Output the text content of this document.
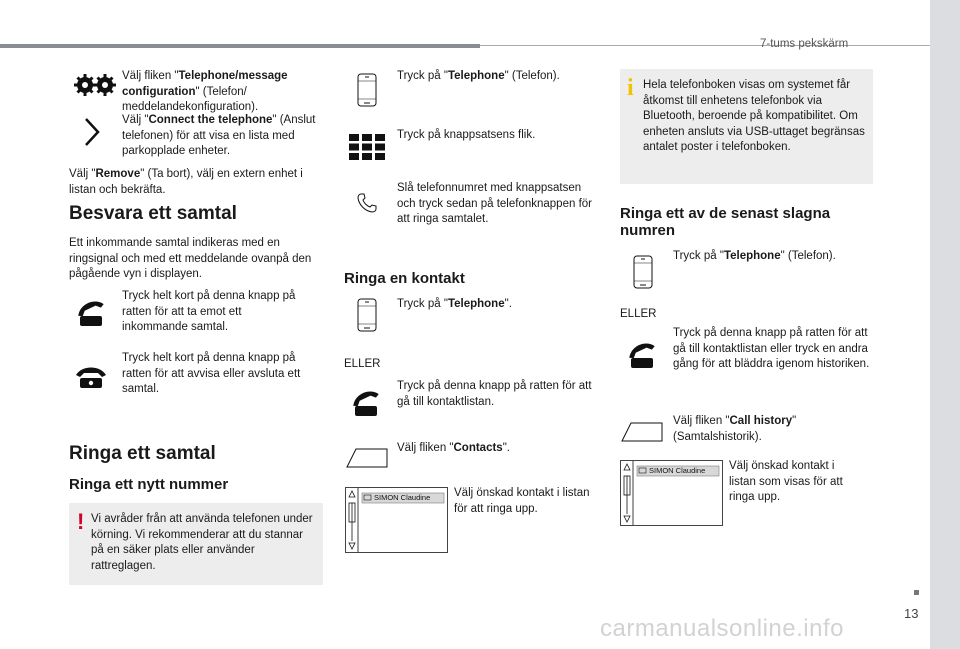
7-tums pekskärm
Välj fliken "Telephone/message configuration" (Telefon/ meddelandekonfiguration).
Välj "Connect the telephone" (Anslut telefonen) för att visa en lista med parkopplade enheter.
Välj "Remove" (Ta bort), välj en extern enhet i listan och bekräfta.
Besvara ett samtal
Ett inkommande samtal indikeras med en ringsignal och med ett meddelande ovanpå den pågående vyn i displayen.
Tryck helt kort på denna knapp på ratten för att ta emot ett inkommande samtal.
Tryck helt kort på denna knapp på ratten för att avvisa eller avsluta ett samtal.
Ringa ett samtal
Ringa ett nytt nummer
! Vi avråder från att använda telefonen under körning. Vi rekommenderar att du stannar på en säker plats eller använder rattreglagen.
Tryck på "Telephone" (Telefon).
Tryck på knappsatsens flik.
Slå telefonnumret med knappsatsen och tryck sedan på telefonknappen för att ringa samtalet.
Ringa en kontakt
Tryck på "Telephone".
ELLER
Tryck på denna knapp på ratten för att gå till kontaktlistan.
Välj fliken "Contacts".
SIMON Claudine Välj önskad kontakt i listan för att ringa upp.
i Hela telefonboken visas om systemet får åtkomst till enhetens telefonbok via Bluetooth, beroende på kompatibilitet. Om enheten ansluts via USB-uttaget begränsas antalet poster i telefonboken.
Ringa ett av de senast slagna numren
Tryck på "Telephone" (Telefon).
ELLER
Tryck på denna knapp på ratten för att gå till kontaktlistan eller tryck en andra gång för att bläddra igenom historiken.
Välj fliken "Call history" (Samtalshistorik).
SIMON Claudine Välj önskad kontakt i listan som visas för att ringa upp.
13
carmanualsonline.info
